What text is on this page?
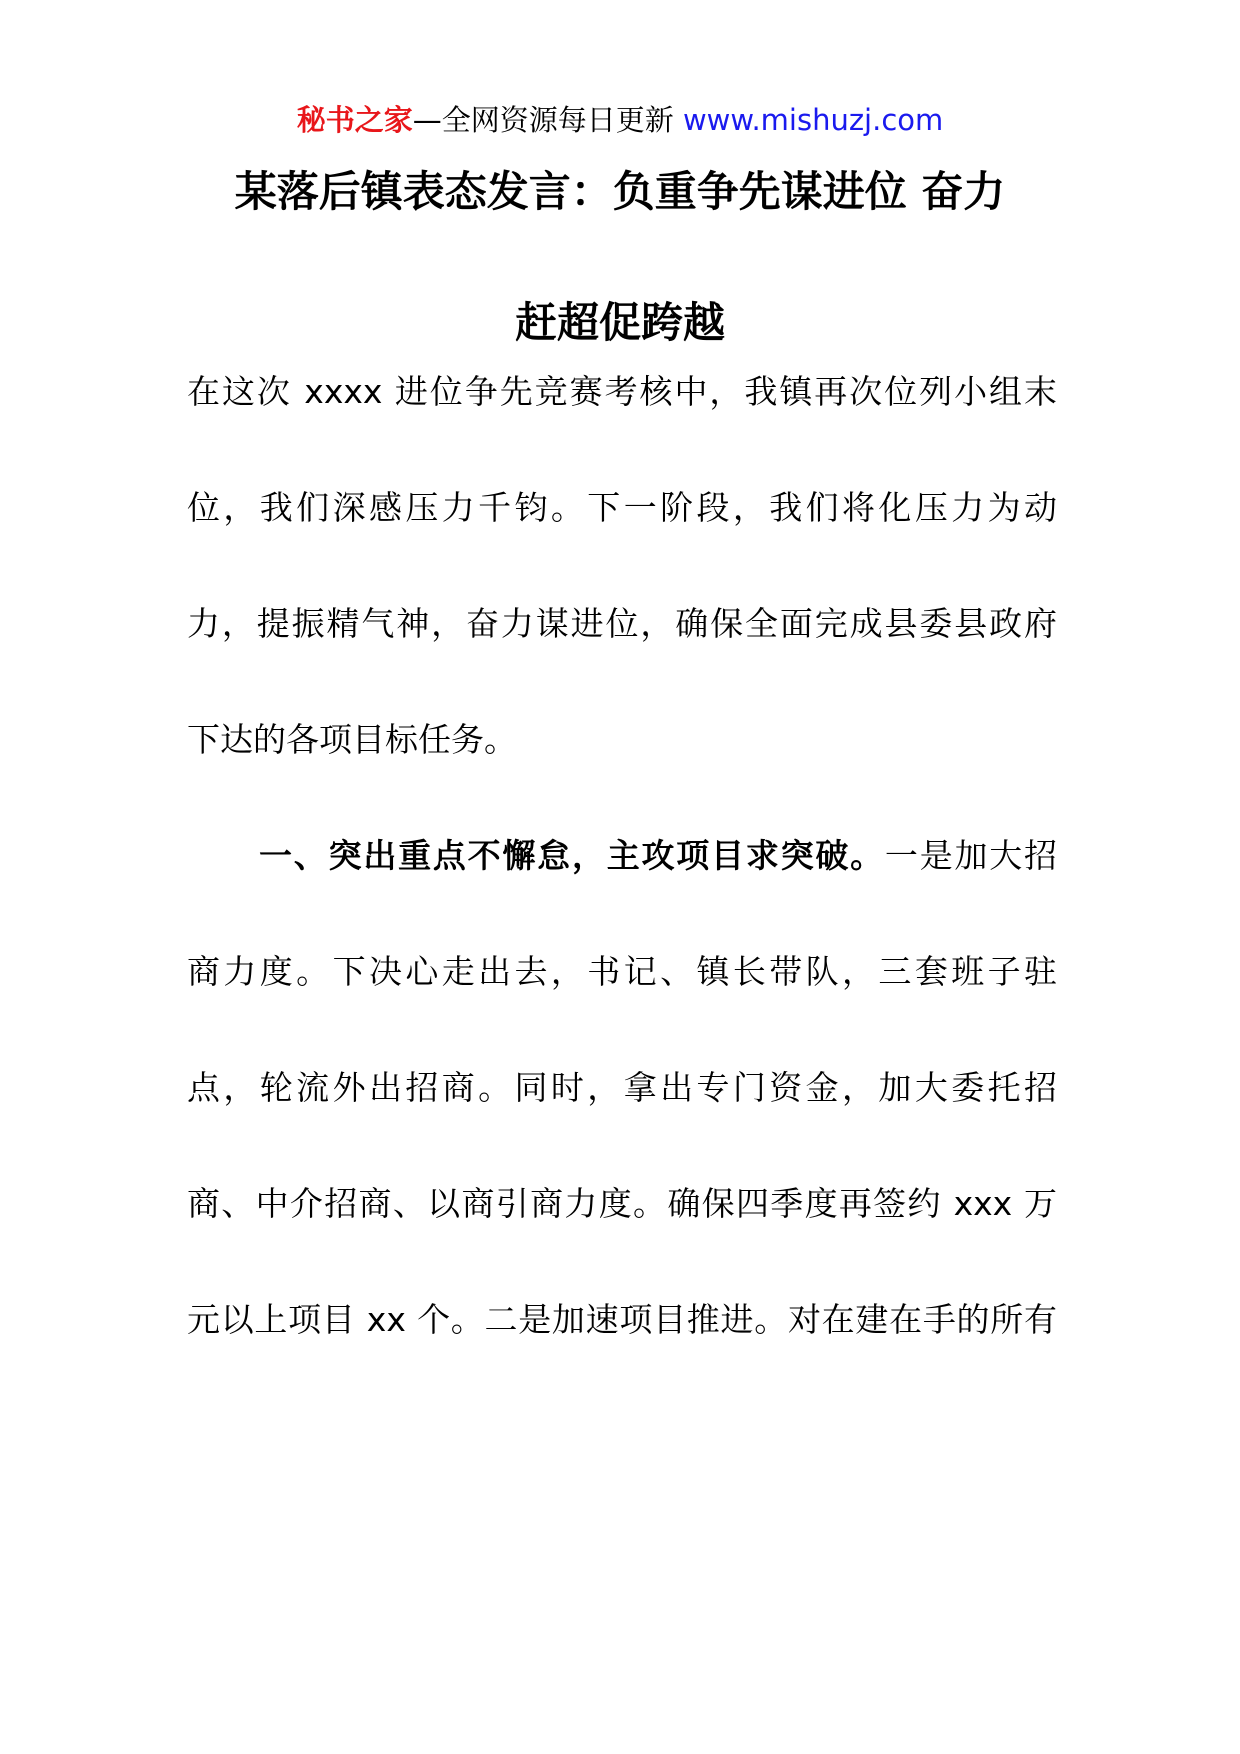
秘书之家—全网资源每日更新 www.mishuzj.com
某落后镇表态发言：负重争先谋进位 奋力
赶超促跨越
在这次 xxxx 进位争先竞赛考核中，我镇再次位列小组末
位，我们深感压力千钧。下一阶段，我们将化压力为动
力，提振精气神，奋力谋进位，确保全面完成县委县政府
下达的各项目标任务。
一、突出重点不懈怠，主攻项目求突破。一是加大招
商力度。下决心走出去，书记、镇长带队，三套班子驻
点，轮流外出招商。同时，拿出专门资金，加大委托招
商、中介招商、以商引商力度。确保四季度再签约 xxx 万
元以上项目 xx 个。二是加速项目推进。对在建在手的所有
